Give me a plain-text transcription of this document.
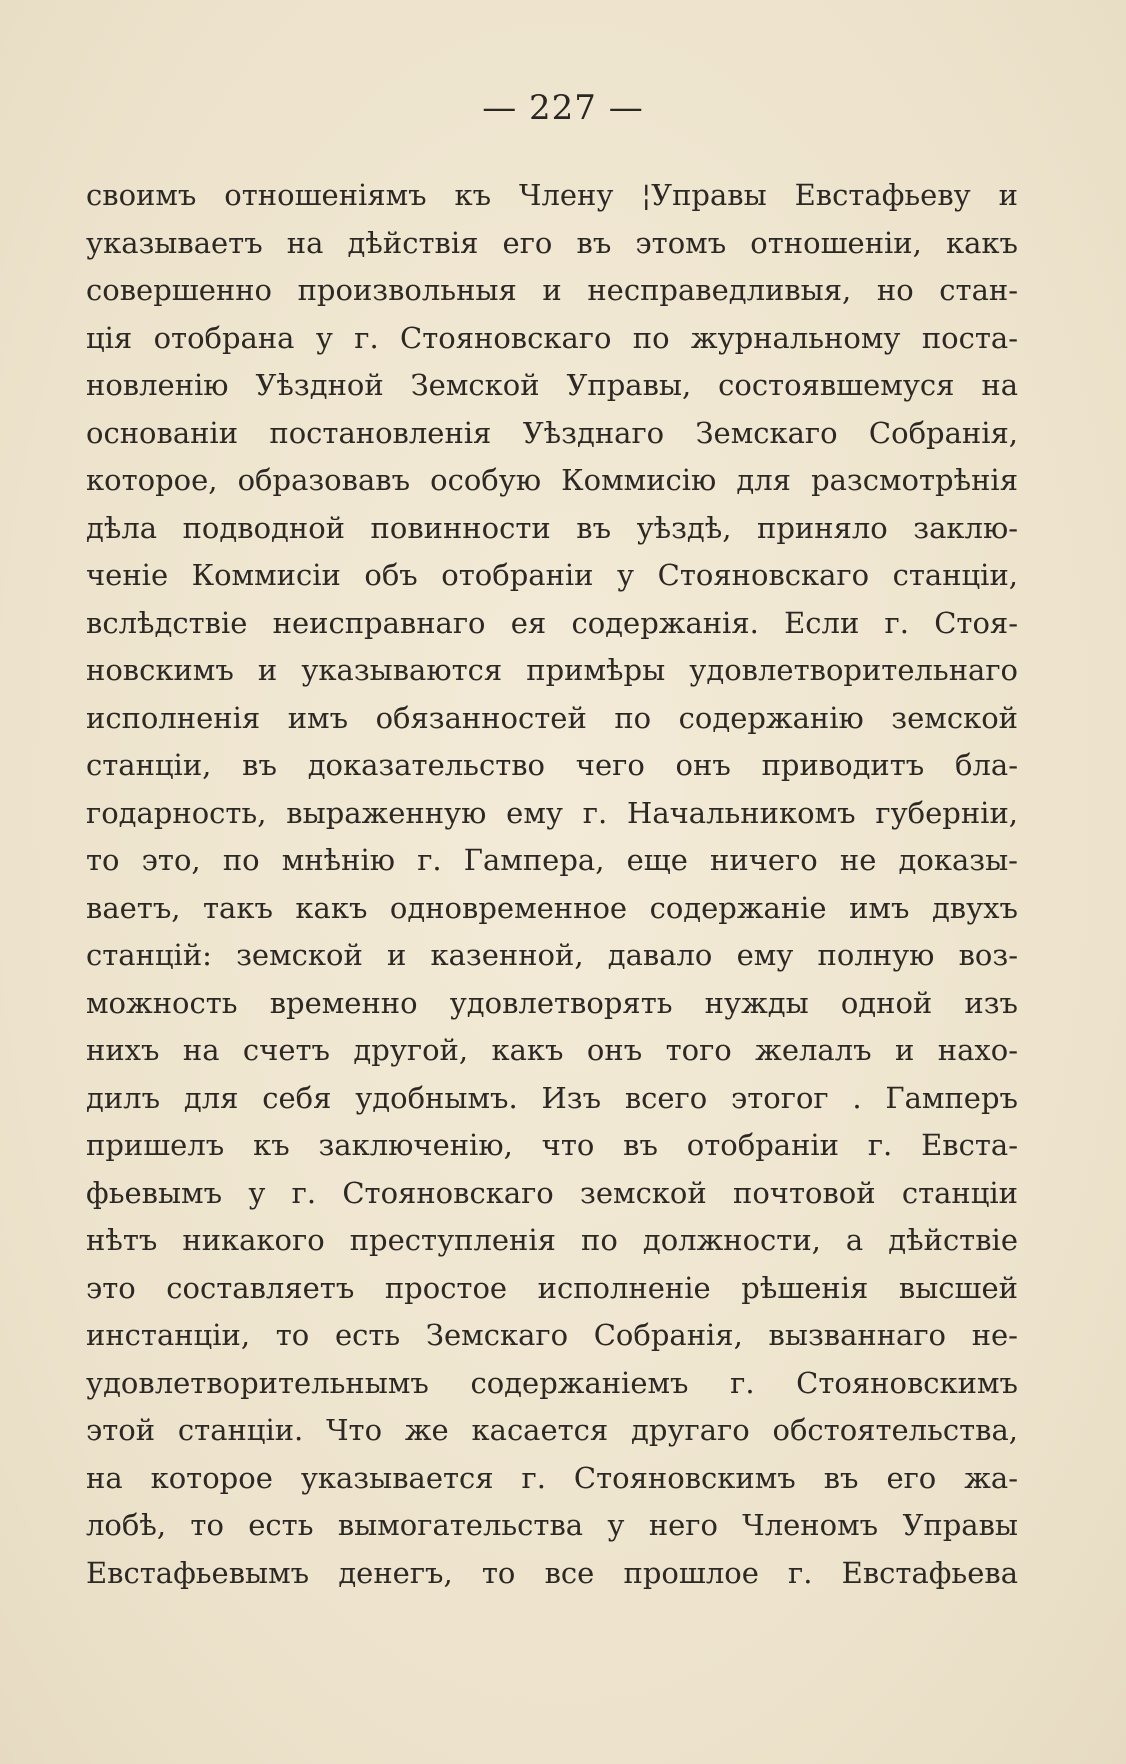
— 227 —
своимъ отношеніямъ къ Члену ¦Управы Евстафьеву и
указываетъ на дѣйствія его въ этомъ отношеніи, какъ
совершенно произвольныя и несправедливыя, но стан-
ція отобрана у г. Стояновскаго по журнальному поста-
новленію Уѣздной Земской Управы, состоявшемуся на
основаніи постановленія Уѣзднаго Земскаго Собранія,
которое, образовавъ особую Коммисію для разсмотрѣнія
дѣла подводной повинности въ уѣздѣ, приняло заклю-
ченіе Коммисіи объ отобраніи у Стояновскаго станціи,
вслѣдствіе неисправнаго ея содержанія. Если г. Стоя-
новскимъ и указываются примѣры удовлетворительнаго
исполненія имъ обязанностей по содержанію земской
станціи, въ доказательство чего онъ приводитъ бла-
годарность, выраженную ему г. Начальникомъ губерніи,
то это, по мнѣнію г. Гампера, еще ничего не доказы-
ваетъ, такъ какъ одновременное содержаніе имъ двухъ
станцій: земской и казенной, давало ему полную воз-
можность временно удовлетворять нужды одной изъ
нихъ на счетъ другой, какъ онъ того желалъ и нахо-
дилъ для себя удобнымъ. Изъ всего этогог . Гамперъ
пришелъ къ заключенію, что въ отобраніи г. Евста-
фьевымъ у г. Стояновскаго земской почтовой станціи
нѣтъ никакого преступленія по должности, а дѣйствіе
это составляетъ простое исполненіе рѣшенія высшей
инстанціи, то есть Земскаго Собранія, вызваннаго не-
удовлетворительнымъ содержаніемъ г. Стояновскимъ
этой станціи. Что же касается другаго обстоятельства,
на которое указывается г. Стояновскимъ въ его жа-
лобѣ, то есть вымогательства у него Членомъ Управы
Евстафьевымъ денегъ, то все прошлое г. Евстафьева
